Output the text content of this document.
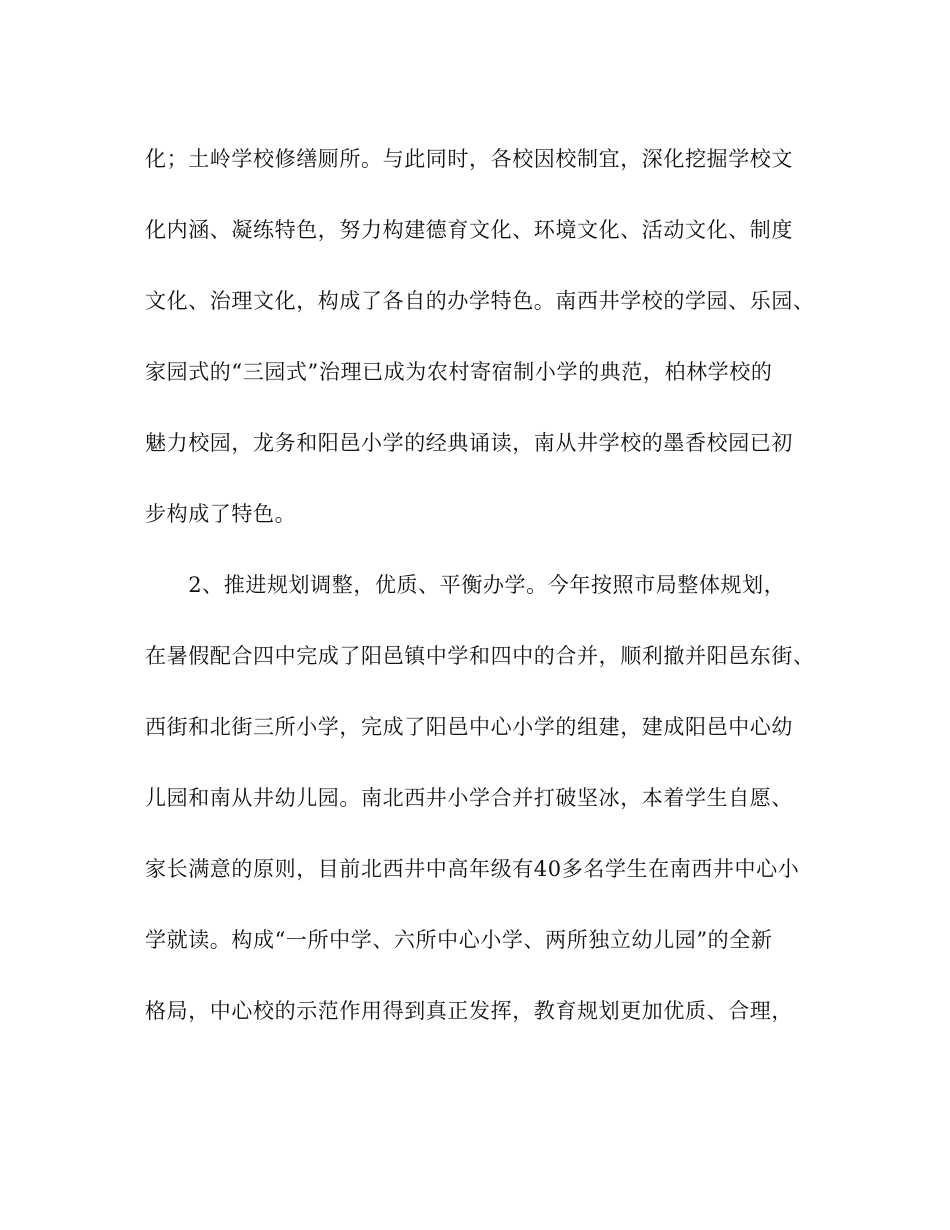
化；土岭学校修缮厕所。与此同时，各校因校制宜，深化挖掘学校文
化内涵、凝练特色，努力构建德育文化、环境文化、活动文化、制度
文化、治理文化，构成了各自的办学特色。南西井学校的学园、乐园、
家园式的“三园式”治理已成为农村寄宿制小学的典范，柏林学校的
魅力校园，龙务和阳邑小学的经典诵读，南从井学校的墨香校园已初
步构成了特色。
　　2、推进规划调整，优质、平衡办学。今年按照市局整体规划，
在暑假配合四中完成了阳邑镇中学和四中的合并，顺利撤并阳邑东街、
西街和北街三所小学，完成了阳邑中心小学的组建，建成阳邑中心幼
儿园和南从井幼儿园。南北西井小学合并打破坚冰，本着学生自愿、
家长满意的原则，目前北西井中高年级有40多名学生在南西井中心小
学就读。构成“一所中学、六所中心小学、两所独立幼儿园”的全新
格局，中心校的示范作用得到真正发挥，教育规划更加优质、合理，
